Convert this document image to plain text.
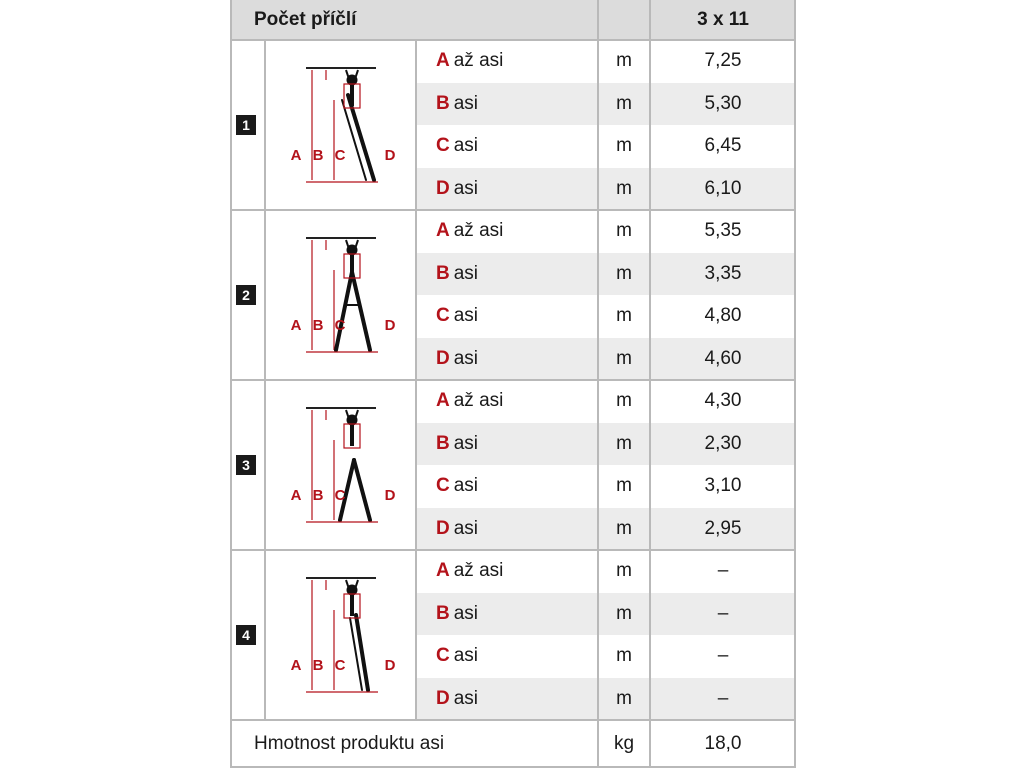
Počet příčlí	3 x 11
1
A B C	D
A až asi	m	7,25
B asi	m	5,30
C asi	m	6,45
D asi	m	6,10
2
A B C	D
A až asi	m	5,35
B asi	m	3,35
C asi	m	4,80
D asi	m	4,60
3
A B C	D
A až asi	m	4,30
B asi	m	2,30
C asi	m	3,10
D asi	m	2,95
4
A B C	D
A až asi	m	–
B asi	m	–
C asi	m	–
D asi	m	–
Hmotnost produktu asi	kg	18,0
